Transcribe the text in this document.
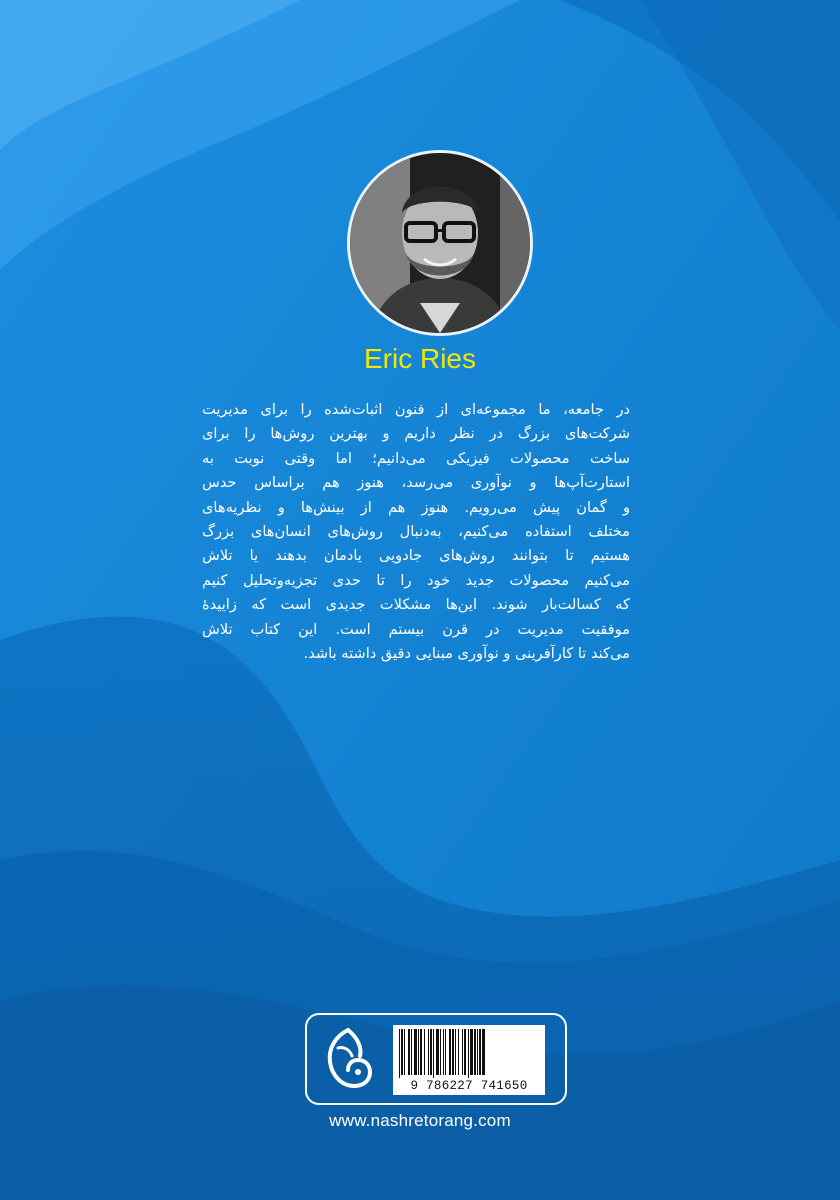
Eric Ries
در جامعه، ما مجموعه‌ای از فنون اثبات‌شده را برای مدیریت
شرکت‌های بزرگ در نظر داریم و بهترین روش‌ها را برای
ساخت محصولات فیزیکی می‌دانیم؛ اما وقتی نوبت به
استارت‌آپ‌ها و نوآوری می‌رسد، هنوز هم براساس حدس
و گمان پیش می‌رویم. هنوز هم از بینش‌ها و نظریه‌های
مختلف استفاده می‌کنیم، به‌دنبال روش‌های انسان‌های بزرگ
هستیم تا بتوانند روش‌های جادویی یادمان بدهند یا تلاش
می‌کنیم محصولات جدید خود را تا حدی تجزیه‌وتحلیل کنیم
که کسالت‌بار شوند. این‌ها مشکلات جدیدی است که زاییدهٔ
موفقیت مدیریت در قرن بیستم است. این کتاب تلاش
می‌کند تا کارآفرینی و نوآوری مبنایی دقیق داشته باشد.
9 786227 741650
www.nashretorang.com
